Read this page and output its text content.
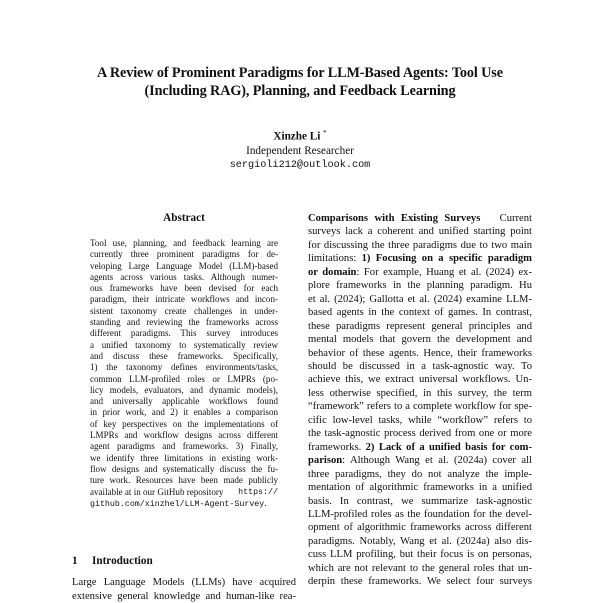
A Review of Prominent Paradigms for LLM-Based Agents: Tool Use
(Including RAG), Planning, and Feedback Learning
Xinzhe Li *
Independent Researcher
sergioli212@outlook.com
Abstract
Tool use, planning, and feedback learning are
currently three prominent paradigms for de-
veloping Large Language Model (LLM)-based
agents across various tasks. Although numer-
ous frameworks have been devised for each
paradigm, their intricate workflows and incon-
sistent taxonomy create challenges in under-
standing and reviewing the frameworks across
different paradigms. This survey introduces
a unified taxonomy to systematically review
and discuss these frameworks. Specifically,
1) the taxonomy defines environments/tasks,
common LLM-profiled roles or LMPRs (po-
licy models, evaluators, and dynamic models),
and universally applicable workflows found
in prior work, and 2) it enables a comparison
of key perspectives on the implementations of
LMPRs and workflow designs across different
agent paradigms and frameworks. 3) Finally,
we identify three limitations in existing work-
flow designs and systematically discuss the fu-
ture work. Resources have been made publicly
available at in our GitHub repository https://
github.com/xinzhel/LLM-Agent-Survey.
1 Introduction
Large Language Models (LLMs) have acquired
extensive general knowledge and human-like rea-
Comparisons with Existing Surveys Current
surveys lack a coherent and unified starting point
for discussing the three paradigms due to two main
limitations: 1) Focusing on a specific paradigm
or domain: For example, Huang et al. (2024) ex-
plore frameworks in the planning paradigm. Hu
et al. (2024); Gallotta et al. (2024) examine LLM-
based agents in the context of games. In contrast,
these paradigms represent general principles and
mental models that govern the development and
behavior of these agents. Hence, their frameworks
should be discussed in a task-agnostic way. To
achieve this, we extract universal workflows. Un-
less otherwise specified, in this survey, the term
“framework” refers to a complete workflow for spe-
cific low-level tasks, while “workflow” refers to
the task-agnostic process derived from one or more
frameworks. 2) Lack of a unified basis for com-
parison: Although Wang et al. (2024a) cover all
three paradigms, they do not analyze the imple-
mentation of algorithmic frameworks in a unified
basis. In contrast, we summarize task-agnostic
LLM-profiled roles as the foundation for the devel-
opment of algorithmic frameworks across different
paradigms. Notably, Wang et al. (2024a) also dis-
cuss LLM profiling, but their focus is on personas,
which are not relevant to the general roles that un-
derpin these frameworks. We select four surveys
